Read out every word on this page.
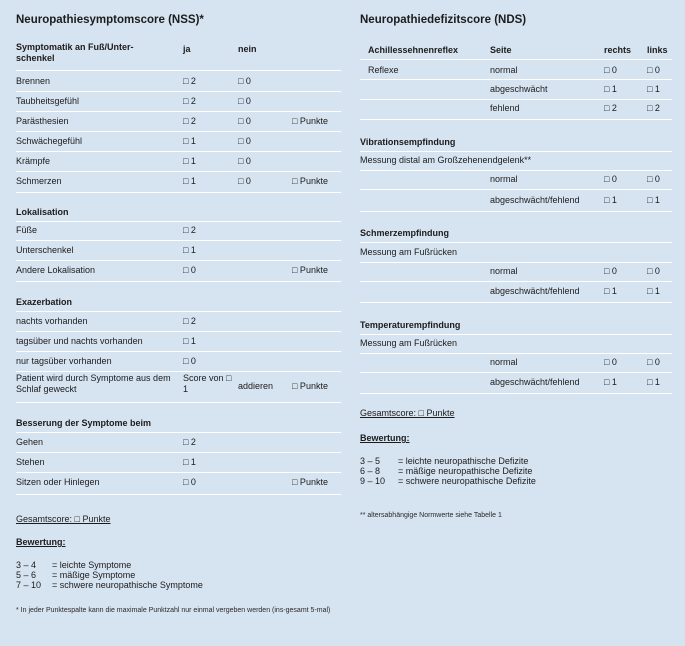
Neuropathiesymptomscore (NSS)*
Symptomatik an Fuß/Unter-schenkel
ja	nein
Brennen	□ 2	□ 0
Taubheitsgefühl	□ 2	□ 0
Parästhesien	□ 2	□ 0	□ Punkte
Schwächegefühl	□ 1	□ 0
Krämpfe	□ 1	□ 0
Schmerzen	□ 1	□ 0	□ Punkte
Lokalisation
Füße	□ 2
Unterschenkel	□ 1
Andere Lokalisation	□ 0	□ Punkte
Exazerbation
nachts vorhanden	□ 2
tagsüber und nachts vorhanden	□ 1
nur tagsüber vorhanden	□ 0
Patient wird durch Symptome aus dem Schlaf geweckt
Score von □ 1	addieren □ Punkte
Besserung der Symptome beim
Gehen	□ 2
Stehen	□ 1
Sitzen oder Hinlegen	□ 0	□ Punkte
Gesamtscore: □ Punkte
Bewertung:
3 – 4 = leichte Symptome
5 – 6 = mäßige Symptome
7 – 10 = schwere neuropathische Symptome
* In jeder Punktespalte kann die maximale Punktzahl nur einmal vergeben werden (ins-gesamt 5-mal)
Neuropathiedefizitscore (NDS)
Achillessehnenreflex	Seite	rechts links
Reflexe	normal	□ 0	□ 0
abgeschwächt	□ 1	□ 1
fehlend	□ 2	□ 2
Vibrationsempfindung
Messung distal am Großzehenendgelenk**
normal	□ 0	□ 0
abgeschwächt/fehlend	□ 1	□ 1
Schmerzempfindung
Messung am Fußrücken
normal	□ 0	□ 0
abgeschwächt/fehlend	□ 1	□ 1
Temperaturempfindung
Messung am Fußrücken
normal	□ 0	□ 0
abgeschwächt/fehlend	□ 1	□ 1
Gesamtscore: □ Punkte
Bewertung:
3 – 5 = leichte neuropathische Defizite
6 – 8 = mäßige neuropathische Defizite
9 – 10 = schwere neuropathische Defizite
** altersabhängige Normwerte siehe Tabelle 1
